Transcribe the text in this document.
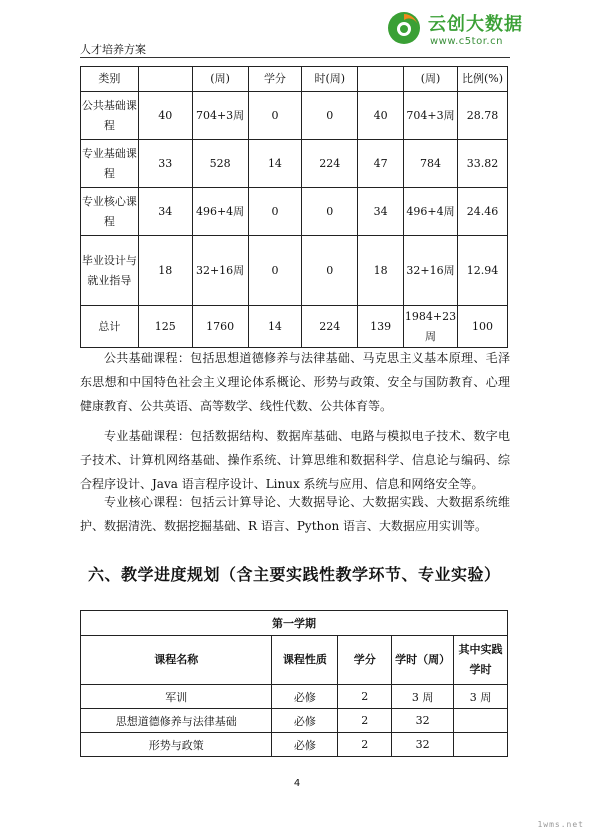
人才培养方案
云创大数据
www.c5tor.cn
类别		(周)	学分	时(周)		(周)	比例(%)
公共基础课程	40	704+3周	0	0	40	704+3周	28.78
专业基础课程	33	528	14	224	47	784	33.82
专业核心课程	34	496+4周	0	0	34	496+4周	24.46
毕业设计与就业指导	18	32+16周	0	0	18	32+16周	12.94
总计	125	1760	14	224	139	1984+23周	100

公共基础课程：包括思想道德修养与法律基础、马克思主义基本原理、毛泽东思想和中国特色社会主义理论体系概论、形势与政策、安全与国防教育、心理健康教育、公共英语、高等数学、线性代数、公共体育等。

专业基础课程：包括数据结构、数据库基础、电路与模拟电子技术、数字电子技术、计算机网络基础、操作系统、计算思维和数据科学、信息论与编码、综合程序设计、Java 语言程序设计、Linux 系统与应用、信息和网络安全等。

专业核心课程：包括云计算导论、大数据导论、大数据实践、大数据系统维护、数据清洗、数据挖掘基础、R 语言、Python 语言、大数据应用实训等。

六、教学进度规划（含主要实践性教学环节、专业实验）
第一学期				
课程名称	课程性质	学分	学时（周）	其中实践学时
军训	必修	2	3 周	3 周
思想道德修养与法律基础	必修	2	32	
形势与政策	必修	2	32	
4
1wms.net
